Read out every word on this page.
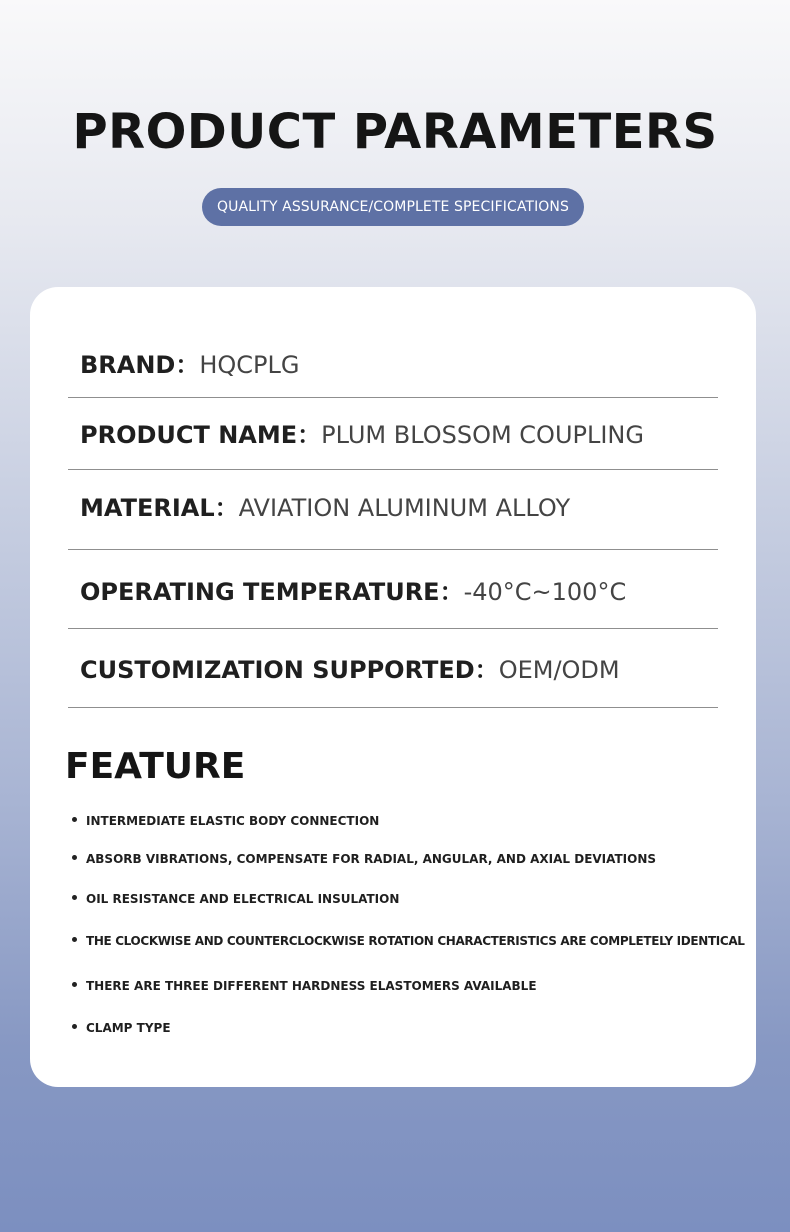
PRODUCT PARAMETERS
QUALITY ASSURANCE/COMPLETE SPECIFICATIONS
BRAND：HQCPLG
PRODUCT NAME：PLUM BLOSSOM COUPLING
MATERIAL：AVIATION ALUMINUM ALLOY
OPERATING TEMPERATURE：-40°C~100°C
CUSTOMIZATION SUPPORTED：OEM/ODM
FEATURE
INTERMEDIATE ELASTIC BODY CONNECTION
ABSORB VIBRATIONS, COMPENSATE FOR RADIAL, ANGULAR, AND AXIAL DEVIATIONS
OIL RESISTANCE AND ELECTRICAL INSULATION
THE CLOCKWISE AND COUNTERCLOCKWISE ROTATION CHARACTERISTICS ARE COMPLETELY IDENTICAL
THERE ARE THREE DIFFERENT HARDNESS ELASTOMERS AVAILABLE
CLAMP TYPE
